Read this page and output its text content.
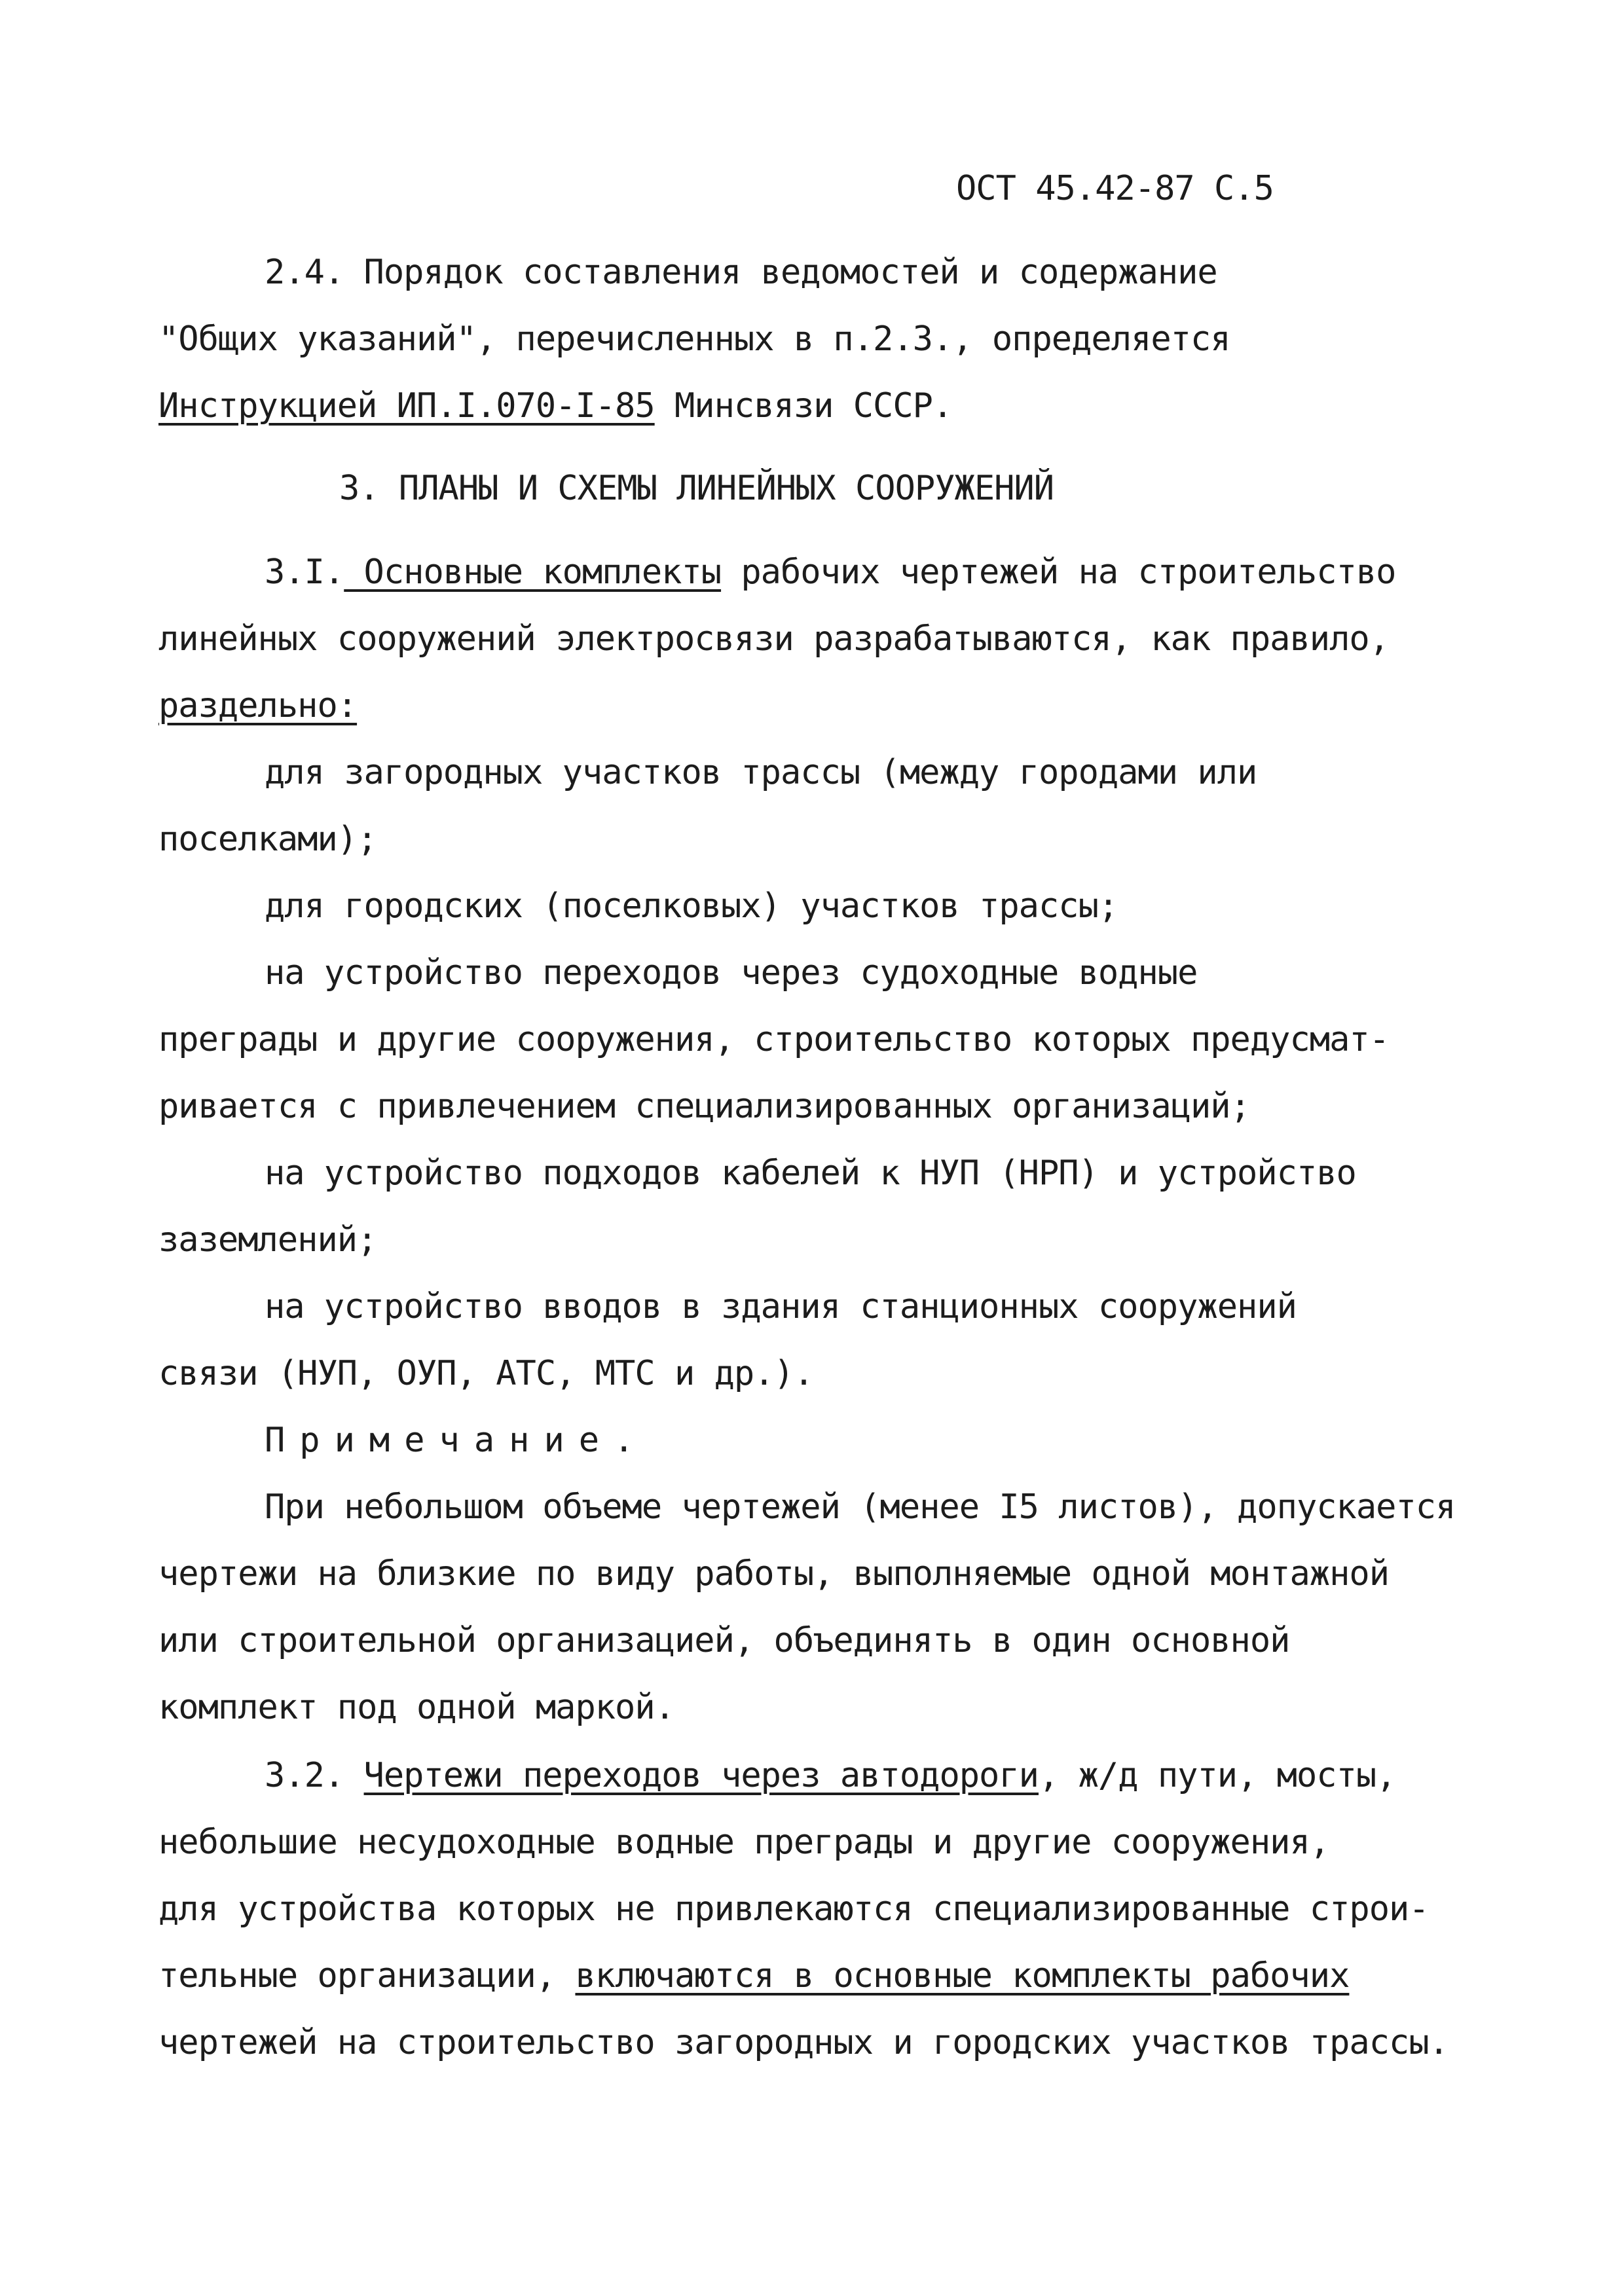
ОСТ 45.42-87 С.5
2.4. Порядок составления ведомостей и содержание
"Общих указаний", перечисленных в п.2.3., определяется
Инструкцией ИП.I.070-I-85 Минсвязи СССР.
3. ПЛАНЫ И СХЕМЫ ЛИНЕЙНЫХ СООРУЖЕНИЙ
3.I. Основные комплекты рабочих чертежей на строительство
линейных сооружений электросвязи разрабатываются, как правило,
раздельно:
для загородных участков трассы (между городами или
поселками);
для городских (поселковых) участков трассы;
на устройство переходов через судоходные водные
преграды и другие сооружения, строительство которых предусмат-
ривается с привлечением специализированных организаций;
на устройство подходов кабелей к НУП (НРП) и устройство
заземлений;
на устройство вводов в здания станционных сооружений
связи (НУП, ОУП, АТС, МТС и др.).
Примечание.
При небольшом объеме чертежей (менее I5 листов), допускается
чертежи на близкие по виду работы, выполняемые одной монтажной
или строительной организацией, объединять в один основной
комплект под одной маркой.
3.2. Чертежи переходов через автодороги, ж/д пути, мосты,
небольшие несудоходные водные преграды и другие сооружения,
для устройства которых не привлекаются специализированные строи-
тельные организации, включаются в основные комплекты рабочих
чертежей на строительство загородных и городских участков трассы.
